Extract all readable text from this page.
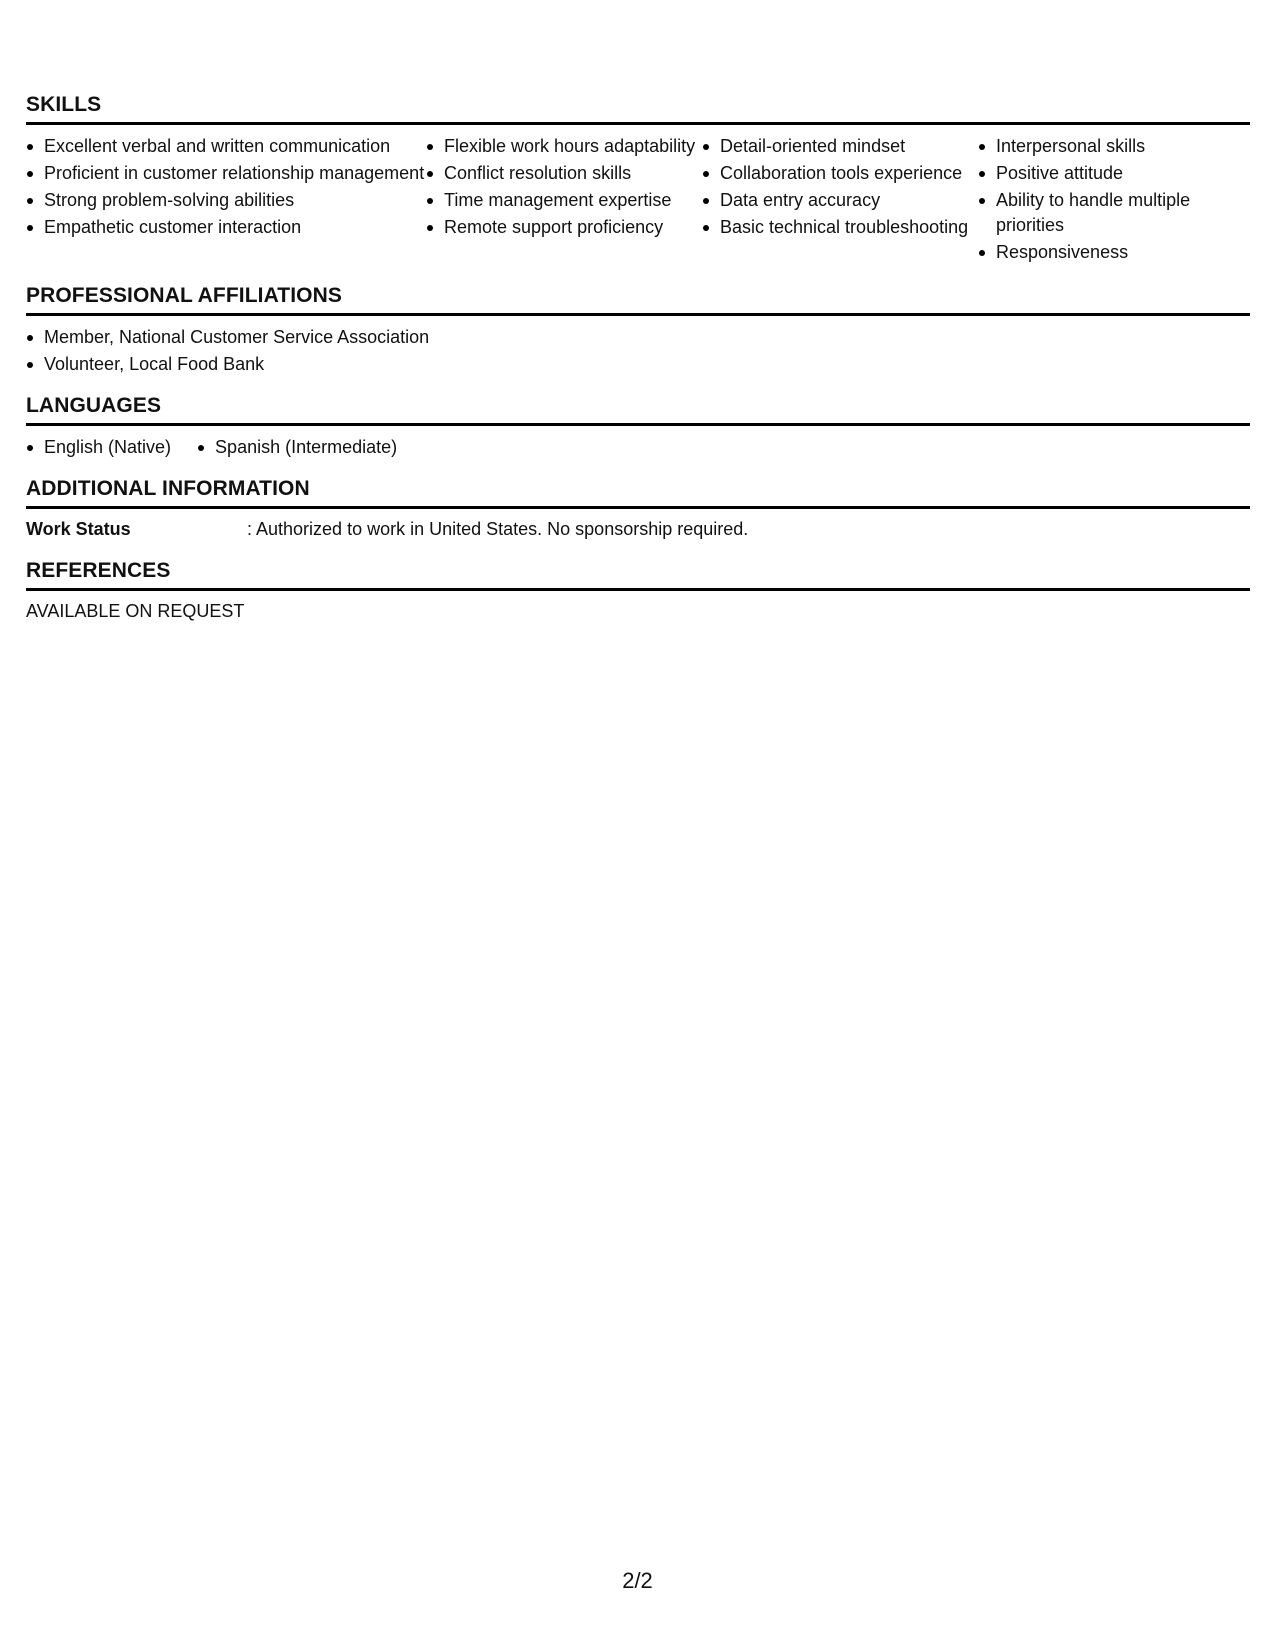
SKILLS
Excellent verbal and written communication
Proficient in customer relationship management
Strong problem-solving abilities
Empathetic customer interaction
Flexible work hours adaptability
Conflict resolution skills
Time management expertise
Remote support proficiency
Detail-oriented mindset
Collaboration tools experience
Data entry accuracy
Basic technical troubleshooting
Interpersonal skills
Positive attitude
Ability to handle multiple priorities
Responsiveness
PROFESSIONAL AFFILIATIONS
Member, National Customer Service Association
Volunteer, Local Food Bank
LANGUAGES
English (Native)	Spanish (Intermediate)
ADDITIONAL INFORMATION
Work Status	: Authorized to work in United States. No sponsorship required.
REFERENCES
AVAILABLE ON REQUEST
2/2
